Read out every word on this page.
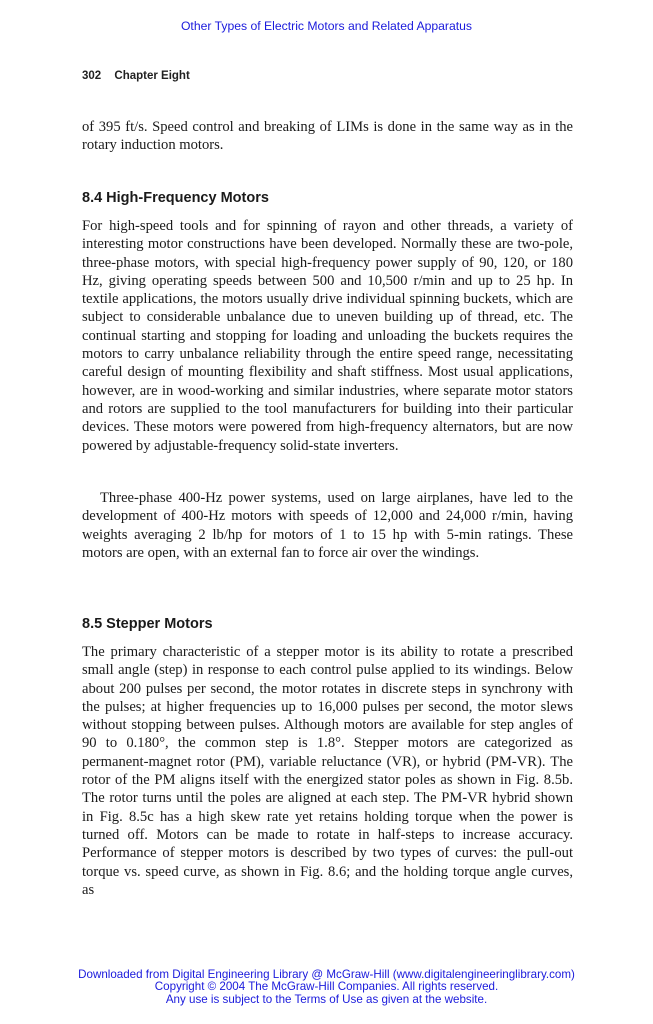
Other Types of Electric Motors and Related Apparatus
302 Chapter Eight

of 395 ft/s. Speed control and breaking of LIMs is done in the same way as in the rotary induction motors.

8.4 High-Frequency Motors

For high-speed tools and for spinning of rayon and other threads, a variety of interesting motor constructions have been developed. Normally these are two-pole, three-phase motors, with special high-frequency power supply of 90, 120, or 180 Hz, giving operating speeds between 500 and 10,500 r/min and up to 25 hp. In textile applications, the motors usually drive individual spinning buckets, which are subject to considerable unbalance due to uneven building up of thread, etc. The continual starting and stopping for loading and unloading the buckets requires the motors to carry unbalance reliability through the entire speed range, necessitating careful design of mounting flexibility and shaft stiffness. Most usual applications, however, are in wood-working and similar industries, where separate motor stators and rotors are supplied to the tool manufacturers for building into their particular devices. These motors were powered from high-frequency alternators, but are now powered by adjustable-frequency solid-state inverters.

Three-phase 400-Hz power systems, used on large airplanes, have led to the development of 400-Hz motors with speeds of 12,000 and 24,000 r/min, having weights averaging 2 lb/hp for motors of 1 to 15 hp with 5-min ratings. These motors are open, with an external fan to force air over the windings.

8.5 Stepper Motors

The primary characteristic of a stepper motor is its ability to rotate a prescribed small angle (step) in response to each control pulse applied to its windings. Below about 200 pulses per second, the motor rotates in discrete steps in synchrony with the pulses; at higher frequencies up to 16,000 pulses per second, the motor slews without stopping between pulses. Although motors are available for step angles of 90 to 0.180°, the common step is 1.8°. Stepper motors are categorized as permanent-magnet rotor (PM), variable reluctance (VR), or hybrid (PM-VR). The rotor of the PM aligns itself with the energized stator poles as shown in Fig. 8.5b. The rotor turns until the poles are aligned at each step. The PM-VR hybrid shown in Fig. 8.5c has a high skew rate yet retains holding torque when the power is turned off. Motors can be made to rotate in half-steps to increase accuracy. Performance of stepper motors is described by two types of curves: the pull-out torque vs. speed curve, as shown in Fig. 8.6; and the holding torque angle curves, as

Downloaded from Digital Engineering Library @ McGraw-Hill (www.digitalengineeringlibrary.com)
Copyright © 2004 The McGraw-Hill Companies. All rights reserved.
Any use is subject to the Terms of Use as given at the website.
